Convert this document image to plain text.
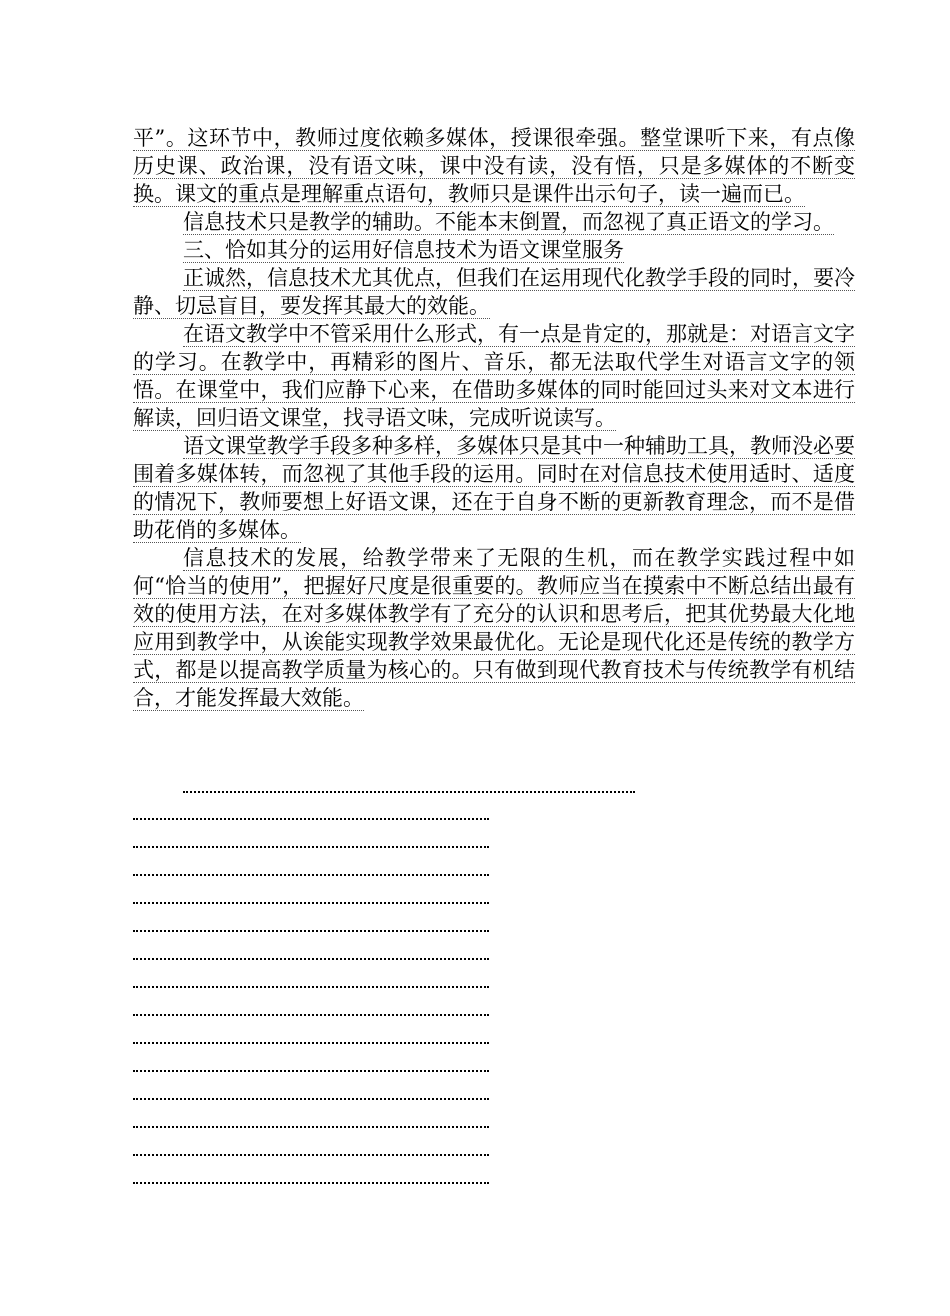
平”。这环节中，教师过度依赖多媒体，授课很牵强。整堂课听下来，有点像历史课、政治课，没有语文味，课中没有读，没有悟，只是多媒体的不断变换。课文的重点是理解重点语句，教师只是课件出示句子，读一遍而已。

信息技术只是教学的辅助。不能本末倒置，而忽视了真正语文的学习。

三、恰如其分的运用好信息技术为语文课堂服务

正诚然，信息技术尤其优点，但我们在运用现代化教学手段的同时，要冷静、切忌盲目，要发挥其最大的效能。

在语文教学中不管采用什么形式，有一点是肯定的，那就是：对语言文字的学习。在教学中，再精彩的图片、音乐，都无法取代学生对语言文字的领悟。在课堂中，我们应静下心来，在借助多媒体的同时能回过头来对文本进行解读，回归语文课堂，找寻语文味，完成听说读写。

语文课堂教学手段多种多样，多媒体只是其中一种辅助工具，教师没必要围着多媒体转，而忽视了其他手段的运用。同时在对信息技术使用适时、适度的情况下，教师要想上好语文课，还在于自身不断的更新教育理念，而不是借助花俏的多媒体。

信息技术的发展，给教学带来了无限的生机，而在教学实践过程中如何“恰当的使用”，把握好尺度是很重要的。教师应当在摸索中不断总结出最有效的使用方法，在对多媒体教学有了充分的认识和思考后，把其优势最大化地应用到教学中，从诶能实现教学效果最优化。无论是现代化还是传统的教学方式，都是以提高教学质量为核心的。只有做到现代教育技术与传统教学有机结合，才能发挥最大效能。
